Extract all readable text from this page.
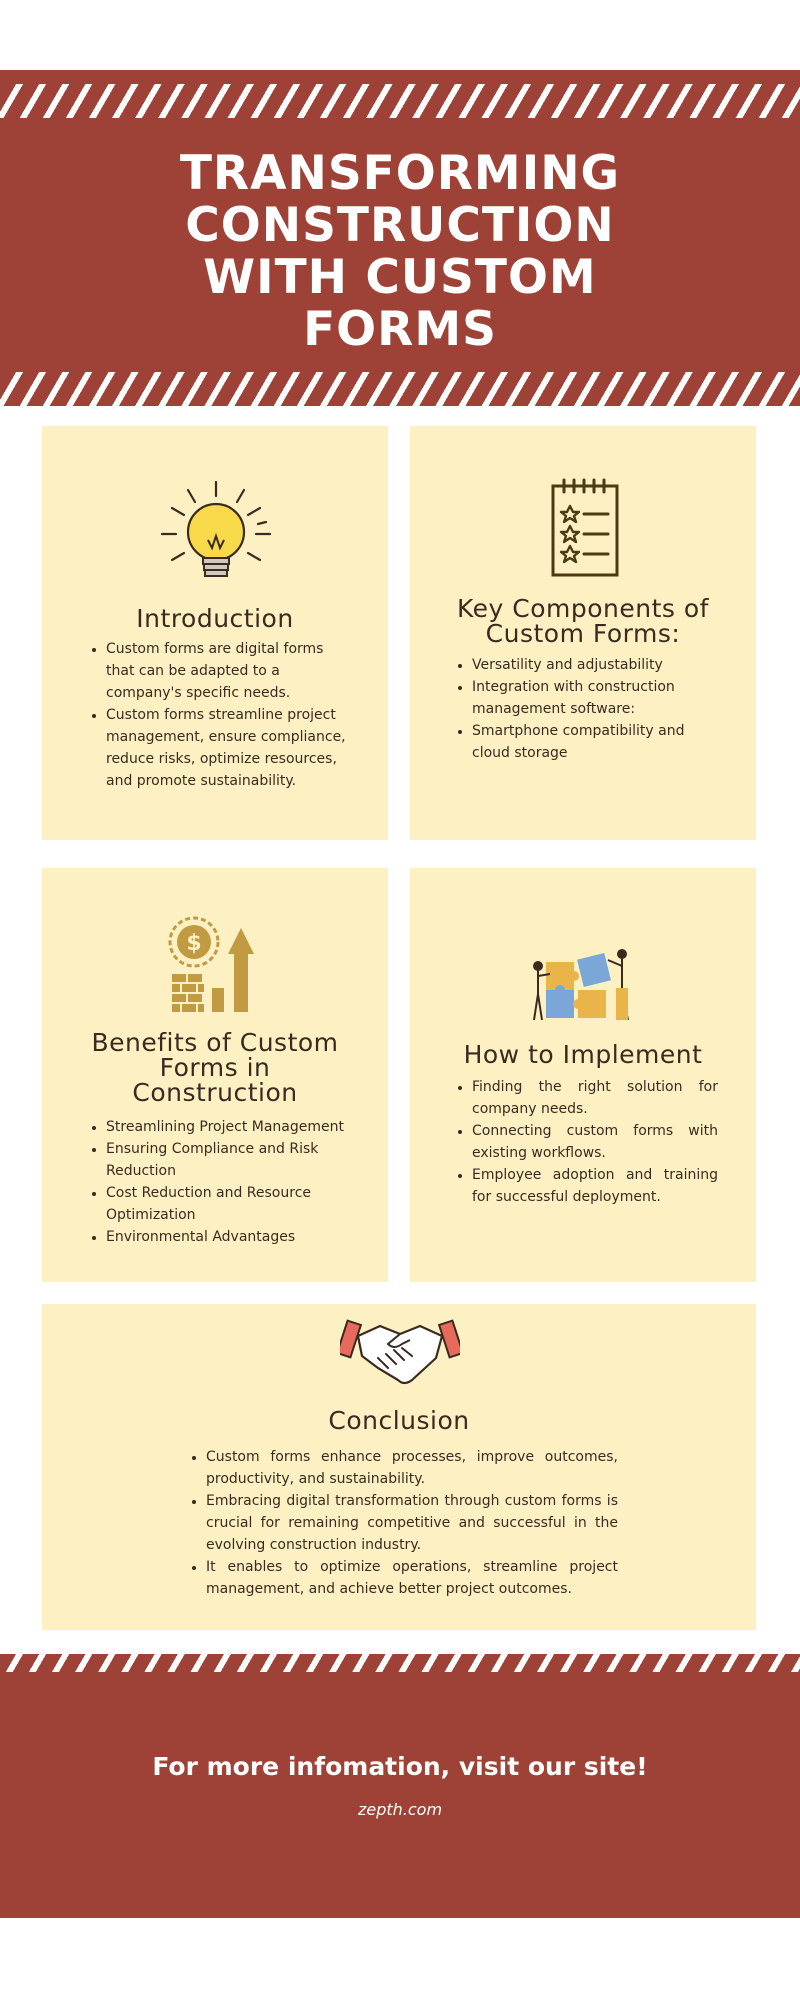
TRANSFORMING
CONSTRUCTION
WITH CUSTOM
FORMS
Introduction
Custom forms are digital forms that can be adapted to a company's specific needs.
Custom forms streamline project management, ensure compliance, reduce risks, optimize resources, and promote sustainability.
Key Components of Custom Forms:
Versatility and adjustability
Integration with construction management software:
Smartphone compatibility and cloud storage
$
Benefits of Custom Forms in Construction
Streamlining Project Management
Ensuring Compliance and Risk Reduction
Cost Reduction and Resource Optimization
Environmental Advantages
How to Implement
Finding the right solution for company needs.
Connecting custom forms with existing workflows.
Employee adoption and training for successful deployment.
Conclusion
Custom forms enhance processes, improve outcomes, productivity, and sustainability.
Embracing digital transformation through custom forms is crucial for remaining competitive and successful in the evolving construction industry.
It enables to optimize operations, streamline project management, and achieve better project outcomes.
For more infomation, visit our site!
zepth.com
